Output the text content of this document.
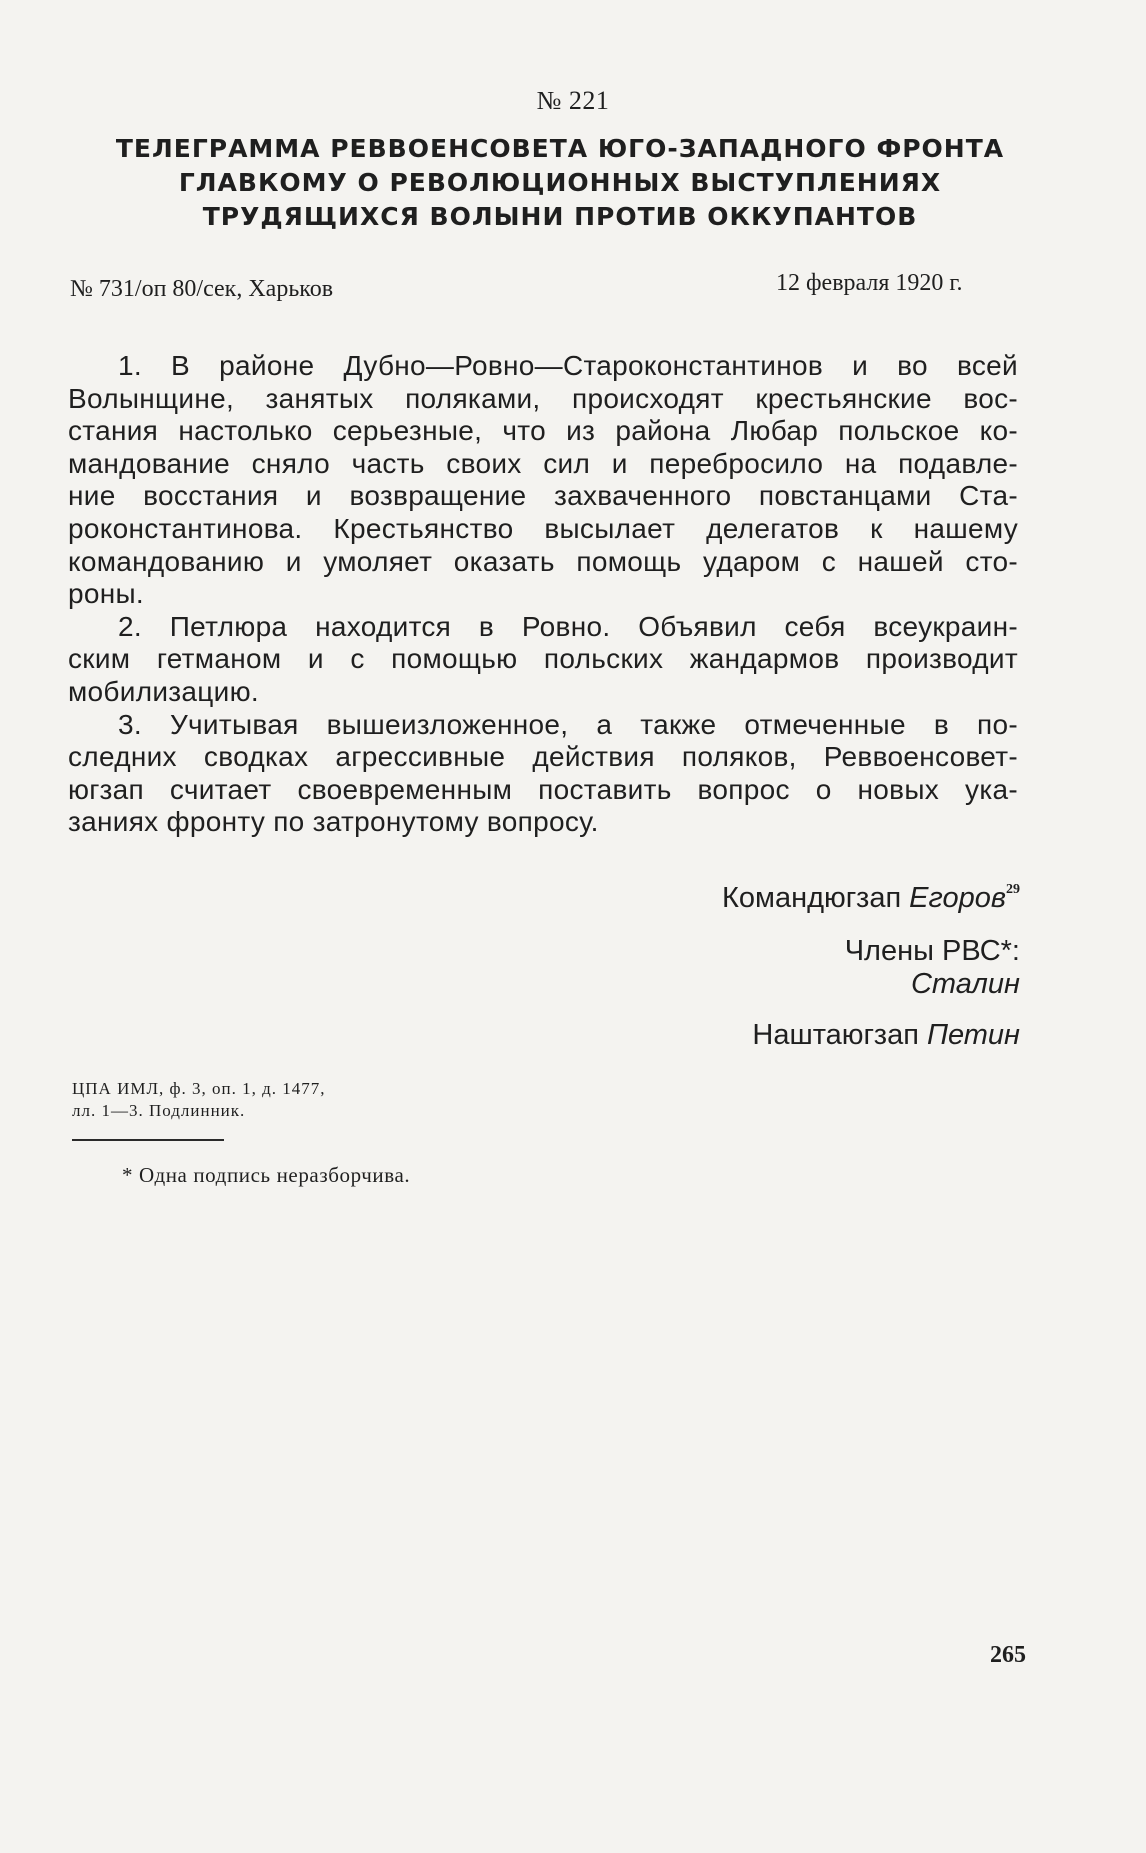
№ 221
ТЕЛЕГРАММА РЕВВОЕНСОВЕТА ЮГО-ЗАПАДНОГО ФРОНТА
ГЛАВКОМУ О РЕВОЛЮЦИОННЫХ ВЫСТУПЛЕНИЯХ
ТРУДЯЩИХСЯ ВОЛЫНИ ПРОТИВ ОККУПАНТОВ
№ 731/оп 80/сек, Харьков	12 февраля 1920 г.
1. В районе Дубно—Ровно—Староконстантинов и во всей
Волынщине, занятых поляками, происходят крестьянские вос-
стания настолько серьезные, что из района Любар польское ко-
мандование сняло часть своих сил и перебросило на подавле-
ние восстания и возвращение захваченного повстанцами Ста-
роконстантинова. Крестьянство высылает делегатов к нашему
командованию и умоляет оказать помощь ударом с нашей сто-
роны.
2. Петлюра находится в Ровно. Объявил себя всеукраин-
ским гетманом и с помощью польских жандармов производит
мобилизацию.
3. Учитывая вышеизложенное, а также отмеченные в по-
следних сводках агрессивные действия поляков, Реввоенсовет-
югзап считает своевременным поставить вопрос о новых ука-
заниях фронту по затронутому вопросу.
Командюгзап Егоров$^{29}$
Члены РВС*:
Сталин
Наштаюгзап Петин
ЦПА ИМЛ, ф. 3, оп. 1, д. 1477,
лл. 1—3. Подлинник.
* Одна подпись неразборчива.
265
